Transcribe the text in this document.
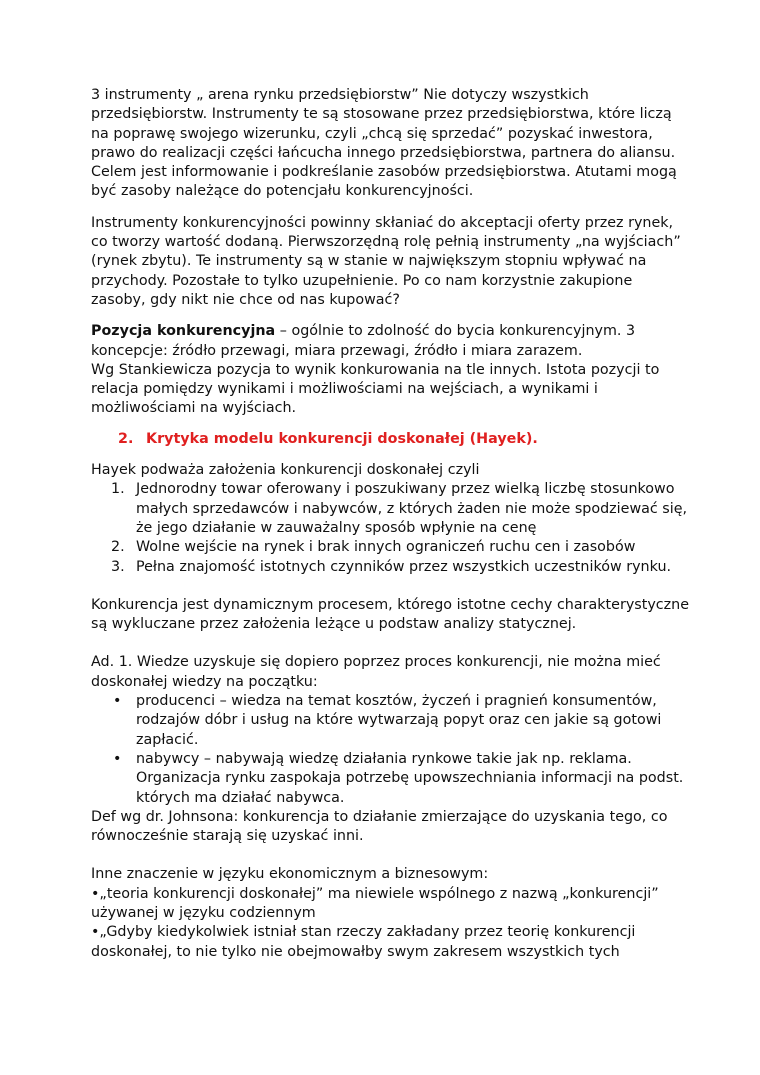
3 instrumenty „ arena rynku przedsiębiorstw” Nie dotyczy wszystkich przedsiębiorstw. Instrumenty te są stosowane przez przedsiębiorstwa, które liczą na poprawę swojego wizerunku, czyli „chcą się sprzedać” pozyskać inwestora, prawo do realizacji części łańcucha innego przedsiębiorstwa, partnera do aliansu. Celem jest informowanie i podkreślanie zasobów przedsiębiorstwa. Atutami mogą być zasoby należące do potencjału konkurencyjności.

Instrumenty konkurencyjności powinny skłaniać do akceptacji oferty przez rynek, co tworzy wartość dodaną. Pierwszorzędną rolę pełnią instrumenty „na wyjściach” (rynek zbytu). Te instrumenty są w stanie w największym stopniu wpływać na przychody. Pozostałe to tylko uzupełnienie. Po co nam korzystnie zakupione zasoby, gdy nikt nie chce od nas kupować?

Pozycja konkurencyjna – ogólnie to zdolność do bycia konkurencyjnym. 3 koncepcje: źródło przewagi, miara przewagi, źródło i miara zarazem.

Wg Stankiewicza pozycja to wynik konkurowania na tle innych. Istota pozycji to relacja pomiędzy wynikami i możliwościami na wejściach, a wynikami i możliwościami na wyjściach.

2. Krytyka modelu konkurencji doskonałej (Hayek).

Hayek podważa założenia konkurencji doskonałej czyli

1. Jednorodny towar oferowany i poszukiwany przez wielką liczbę stosunkowo małych sprzedawców i nabywców, z których żaden nie może spodziewać się, że jego działanie w zauważalny sposób wpłynie na cenę
2. Wolne wejście na rynek i brak innych ograniczeń ruchu cen i zasobów
3. Pełna znajomość istotnych czynników przez wszystkich uczestników rynku.

Konkurencja jest dynamicznym procesem, którego istotne cechy charakterystyczne są wykluczane przez założenia leżące u podstaw analizy statycznej.

Ad. 1. Wiedze uzyskuje się dopiero poprzez proces konkurencji, nie można mieć doskonałej wiedzy na początku:

• producenci – wiedza na temat kosztów, życzeń i pragnień konsumentów, rodzajów dóbr i usług na które wytwarzają popyt oraz cen jakie są gotowi zapłacić.
• nabywcy – nabywają wiedzę działania rynkowe takie jak np. reklama. Organizacja rynku zaspokaja potrzebę upowszechniania informacji na podst. których ma działać nabywca.

Def wg dr. Johnsona: konkurencja to działanie zmierzające do uzyskania tego, co równocześnie starają się uzyskać inni.

Inne znaczenie w języku ekonomicznym a biznesowym:

•„teoria konkurencji doskonałej” ma niewiele wspólnego z nazwą „konkurencji” używanej w języku codziennym

•„Gdyby kiedykolwiek istniał stan rzeczy zakładany przez teorię konkurencji doskonałej, to nie tylko nie obejmowałby swym zakresem wszystkich tych
